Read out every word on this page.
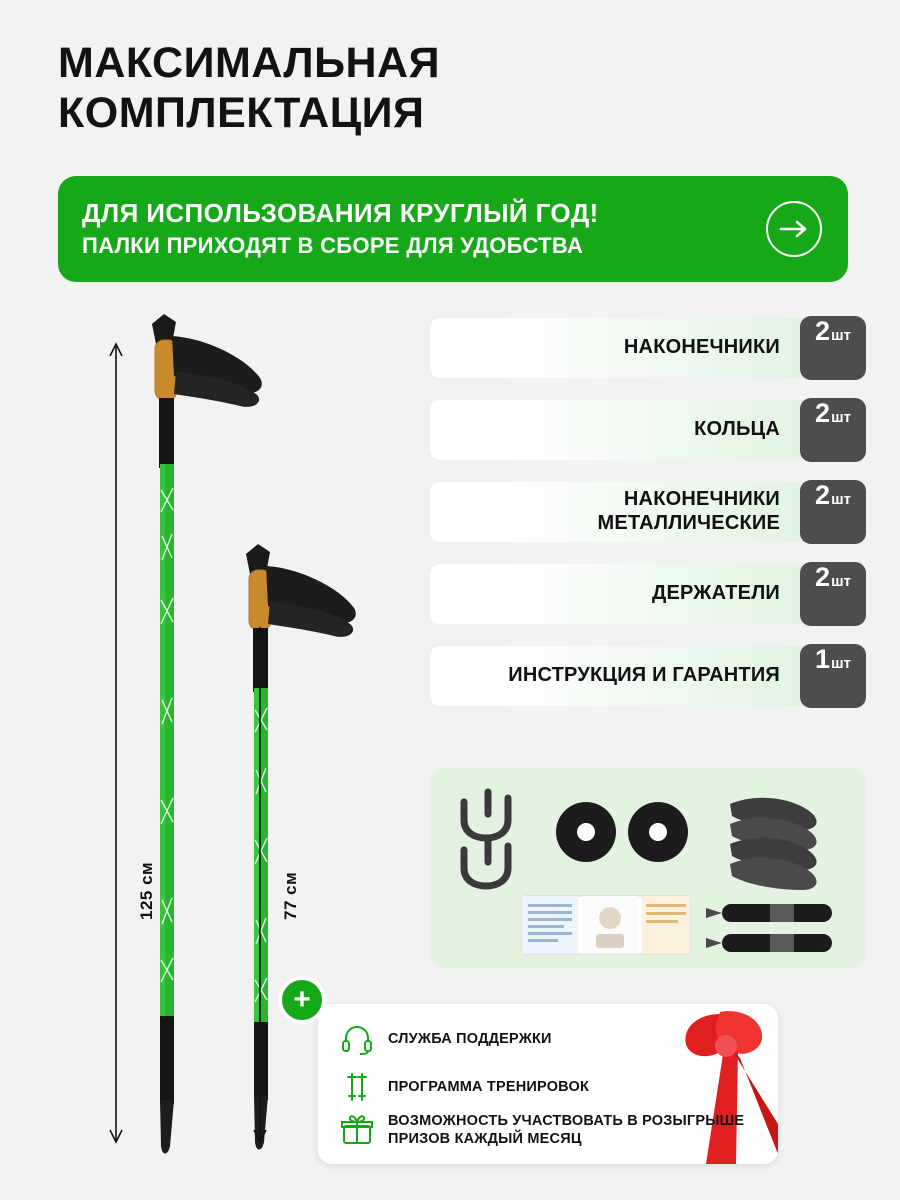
МАКСИМАЛЬНАЯ КОМПЛЕКТАЦИЯ
ДЛЯ ИСПОЛЬЗОВАНИЯ КРУГЛЫЙ ГОД!
ПАЛКИ ПРИХОДЯТ В СБОРЕ ДЛЯ УДОБСТВА
125 см	77 см
НАКОНЕЧНИКИ
2 шт
КОЛЬЦА
2 шт
НАКОНЕЧНИКИ МЕТАЛЛИЧЕСКИЕ
2 шт
ДЕРЖАТЕЛИ
2 шт
ИНСТРУКЦИЯ И ГАРАНТИЯ
1 шт
+
СЛУЖБА ПОДДЕРЖКИ
ПРОГРАММА ТРЕНИРОВОК
ВОЗМОЖНОСТЬ УЧАСТВОВАТЬ В РОЗЫГРЫШЕ ПРИЗОВ КАЖДЫЙ МЕСЯЦ
